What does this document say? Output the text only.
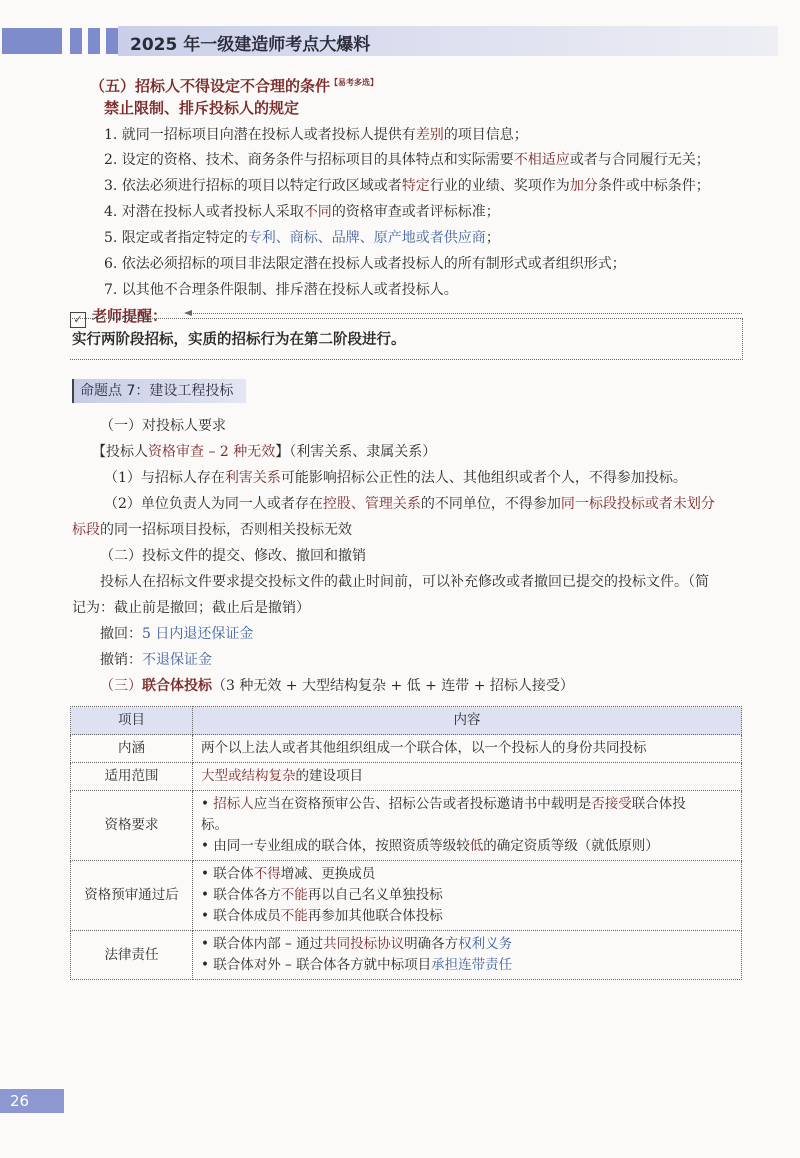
2025 年一级建造师考点大爆料
（五）招标人不得设定不合理的条件$^{【易考多选】}$
禁止限制、排斥投标人的规定
1. 就同一招标项目向潜在投标人或者投标人提供有差别的项目信息；
2. 设定的资格、技术、商务条件与招标项目的具体特点和实际需要不相适应或者与合同履行无关；
3. 依法必须进行招标的项目以特定行政区域或者特定行业的业绩、奖项作为加分条件或中标条件；
4. 对潜在投标人或者投标人采取不同的资格审查或者评标标准；
5. 限定或者指定特定的专利、商标、品牌、原产地或者供应商；
6. 依法必须招标的项目非法限定潜在投标人或者投标人的所有制形式或者组织形式；
7. 以其他不合理条件限制、排斥潜在投标人或者投标人。
✓ 老师提醒：
实行两阶段招标，实质的招标行为在第二阶段进行。
命题点 7：建设工程投标
（一）对投标人要求
【投标人资格审查 – 2 种无效】（利害关系、隶属关系）
（1）与招标人存在利害关系可能影响招标公正性的法人、其他组织或者个人，不得参加投标。
（2）单位负责人为同一人或者存在控股、管理关系的不同单位，不得参加同一标段投标或者未划分
标段的同一招标项目投标，否则相关投标无效
（二）投标文件的提交、修改、撤回和撤销
投标人在招标文件要求提交投标文件的截止时间前，可以补充修改或者撤回已提交的投标文件。（简
记为：截止前是撤回；截止后是撤销）
撤回：5 日内退还保证金
撤销：不退保证金
（三）联合体投标（3 种无效 + 大型结构复杂 + 低 + 连带 + 招标人接受）
项目	内容
内涵	两个以上法人或者其他组织组成一个联合体，以一个投标人的身份共同投标
适用范围	大型或结构复杂的建设项目
资格要求	• 招标人应当在资格预审公告、招标公告或者投标邀请书中载明是否接受联合体投
标。
• 由同一专业组成的联合体，按照资质等级较低的确定资质等级（就低原则）

资格预审通过后	• 联合体不得增减、更换成员
• 联合体各方不能再以自己名义单独投标
• 联合体成员不能再参加其他联合体投标

法律责任	• 联合体内部 – 通过共同投标协议明确各方权利义务
• 联合体对外 – 联合体各方就中标项目承担连带责任
26
